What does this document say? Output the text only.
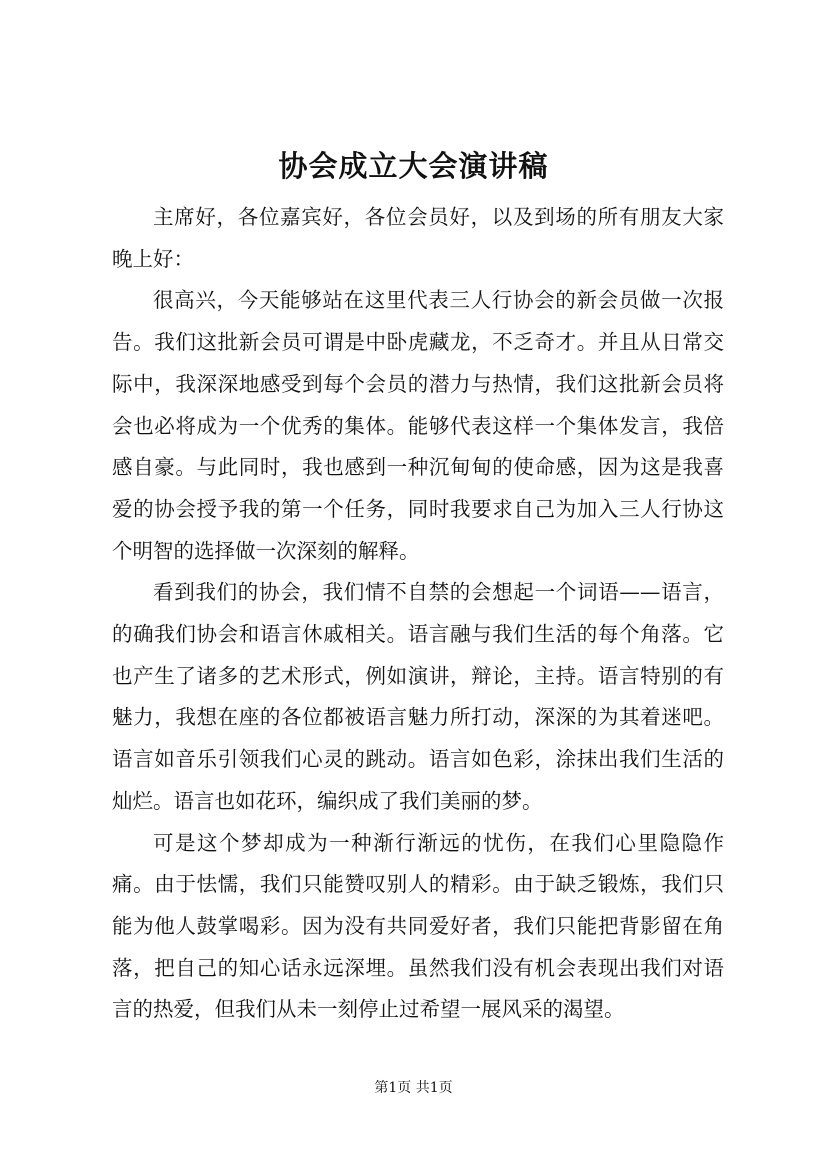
协会成立大会演讲稿

主席好，各位嘉宾好，各位会员好，以及到场的所有朋友大家晚上好：

很高兴，今天能够站在这里代表三人行协会的新会员做一次报告。我们这批新会员可谓是中卧虎藏龙，不乏奇才。并且从日常交际中，我深深地感受到每个会员的潜力与热情，我们这批新会员将会也必将成为一个优秀的集体。能够代表这样一个集体发言，我倍感自豪。与此同时，我也感到一种沉甸甸的使命感，因为这是我喜爱的协会授予我的第一个任务，同时我要求自己为加入三人行协这个明智的选择做一次深刻的解释。

看到我们的协会，我们情不自禁的会想起一个词语——语言，的确我们协会和语言休戚相关。语言融与我们生活的每个角落。它也产生了诸多的艺术形式，例如演讲，辩论，主持。语言特别的有魅力，我想在座的各位都被语言魅力所打动，深深的为其着迷吧。语言如音乐引领我们心灵的跳动。语言如色彩，涂抹出我们生活的灿烂。语言也如花环，编织成了我们美丽的梦。

可是这个梦却成为一种渐行渐远的忧伤，在我们心里隐隐作痛。由于怯懦，我们只能赞叹别人的精彩。由于缺乏锻炼，我们只能为他人鼓掌喝彩。因为没有共同爱好者，我们只能把背影留在角落，把自己的知心话永远深埋。虽然我们没有机会表现出我们对语言的热爱，但我们从未一刻停止过希望一展风采的渴望。

第1页 共1页
